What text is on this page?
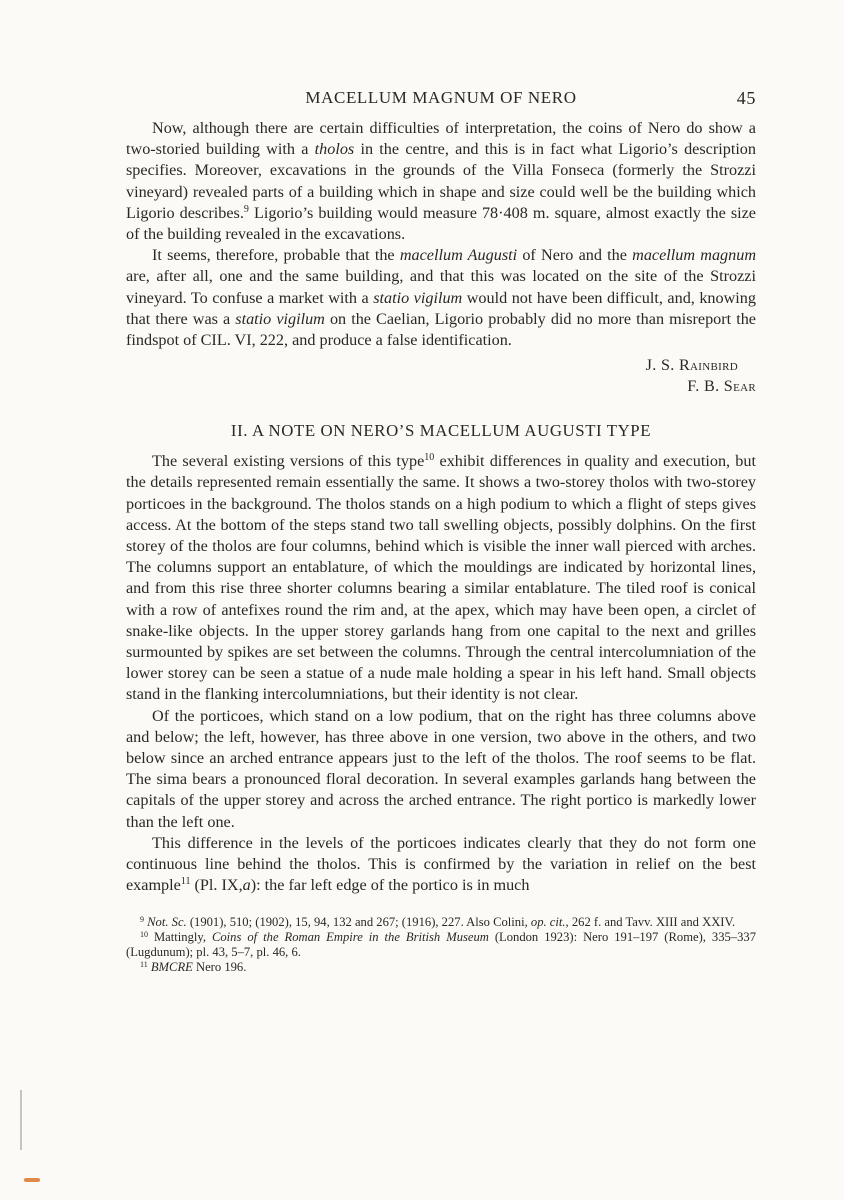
MACELLUM MAGNUM OF NERO	45

Now, although there are certain difficulties of interpretation, the coins of Nero do show a two-storied building with a tholos in the centre, and this is in fact what Ligorio’s description specifies. Moreover, excavations in the grounds of the Villa Fonseca (formerly the Strozzi vineyard) revealed parts of a building which in shape and size could well be the building which Ligorio describes.$^9$ Ligorio’s building would measure 78·408 m. square, almost exactly the size of the building revealed in the excavations.

It seems, therefore, probable that the macellum Augusti of Nero and the macellum magnum are, after all, one and the same building, and that this was located on the site of the Strozzi vineyard. To confuse a market with a statio vigilum would not have been difficult, and, knowing that there was a statio vigilum on the Caelian, Ligorio probably did no more than misreport the findspot of CIL. VI, 222, and produce a false identification.

J. S. Rainbird
F. B. Sear
II. A NOTE ON NERO’S MACELLUM AUGUSTI TYPE

The several existing versions of this type$^{10}$ exhibit differences in quality and execution, but the details represented remain essentially the same. It shows a two-storey tholos with two-storey porticoes in the background. The tholos stands on a high podium to which a flight of steps gives access. At the bottom of the steps stand two tall swelling objects, possibly dolphins. On the first storey of the tholos are four columns, behind which is visible the inner wall pierced with arches. The columns support an entablature, of which the mouldings are indicated by horizontal lines, and from this rise three shorter columns bearing a similar entablature. The tiled roof is conical with a row of antefixes round the rim and, at the apex, which may have been open, a circlet of snake-like objects. In the upper storey garlands hang from one capital to the next and grilles surmounted by spikes are set between the columns. Through the central intercolumniation of the lower storey can be seen a statue of a nude male holding a spear in his left hand. Small objects stand in the flanking intercolumniations, but their identity is not clear.

Of the porticoes, which stand on a low podium, that on the right has three columns above and below; the left, however, has three above in one version, two above in the others, and two below since an arched entrance appears just to the left of the tholos. The roof seems to be flat. The sima bears a pronounced floral decoration. In several examples garlands hang between the capitals of the upper storey and across the arched entrance. The right portico is markedly lower than the left one.

This difference in the levels of the porticoes indicates clearly that they do not form one continuous line behind the tholos. This is confirmed by the variation in relief on the best example$^{11}$ (Pl. IX,a): the far left edge of the portico is in much

$^9$ Not. Sc. (1901), 510; (1902), 15, 94, 132 and 267; (1916), 227. Also Colini, op. cit., 262 f. and Tavv. XIII and XXIV.

$^{10}$ Mattingly, Coins of the Roman Empire in the British Museum (London 1923): Nero 191–197 (Rome), 335–337 (Lugdunum); pl. 43, 5–7, pl. 46, 6.

$^{11}$ BMCRE Nero 196.
